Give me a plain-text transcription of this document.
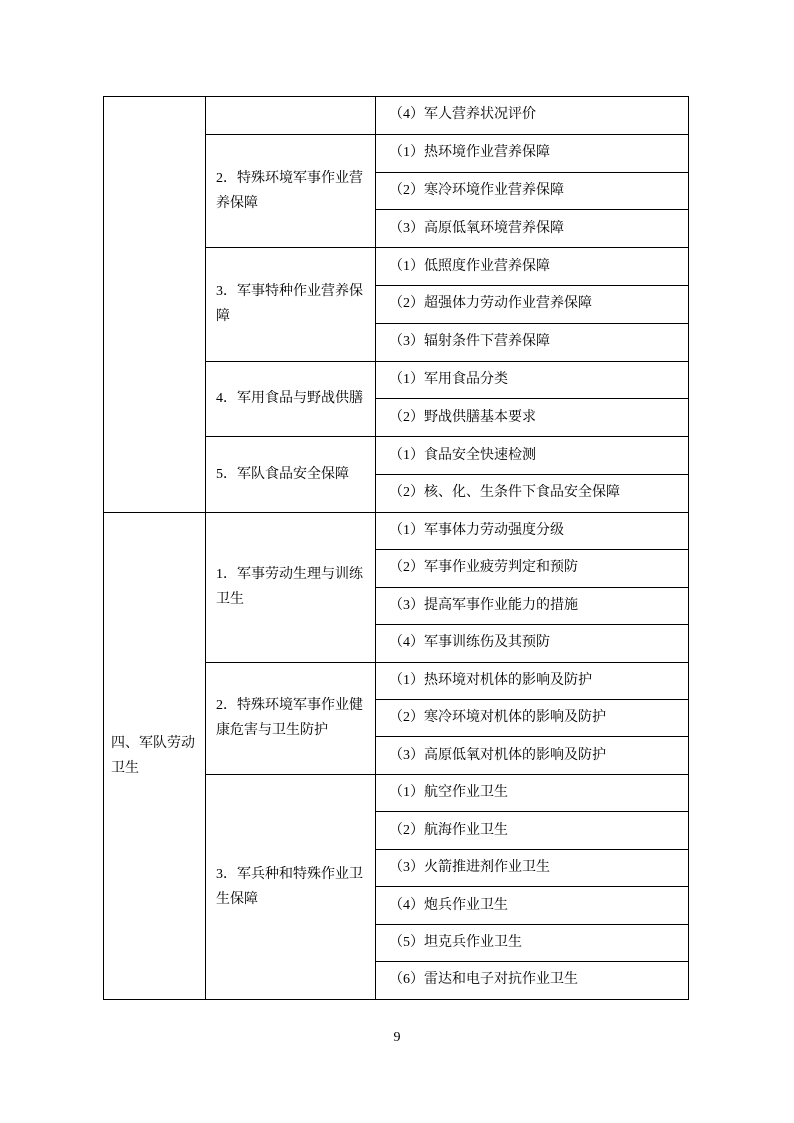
		（4）军人营养状况评价
	2．特殊环境军事作业营养保障	（1）热环境作业营养保障
		（2）寒冷环境作业营养保障
		（3）高原低氧环境营养保障
	3．军事特种作业营养保障	（1）低照度作业营养保障
		（2）超强体力劳动作业营养保障
		（3）辐射条件下营养保障
	4．军用食品与野战供膳	（1）军用食品分类
		（2）野战供膳基本要求
	5．军队食品安全保障	（1）食品安全快速检测
		（2）核、化、生条件下食品安全保障
四、军队劳动卫生	1．军事劳动生理与训练卫生	（1）军事体力劳动强度分级
		（2）军事作业疲劳判定和预防
		（3）提高军事作业能力的措施
		（4）军事训练伤及其预防
	2．特殊环境军事作业健康危害与卫生防护	（1）热环境对机体的影响及防护
		（2）寒冷环境对机体的影响及防护
		（3）高原低氧对机体的影响及防护
	3．军兵种和特殊作业卫生保障	（1）航空作业卫生
		（2）航海作业卫生
		（3）火箭推进剂作业卫生
		（4）炮兵作业卫生
		（5）坦克兵作业卫生
		（6）雷达和电子对抗作业卫生
9
